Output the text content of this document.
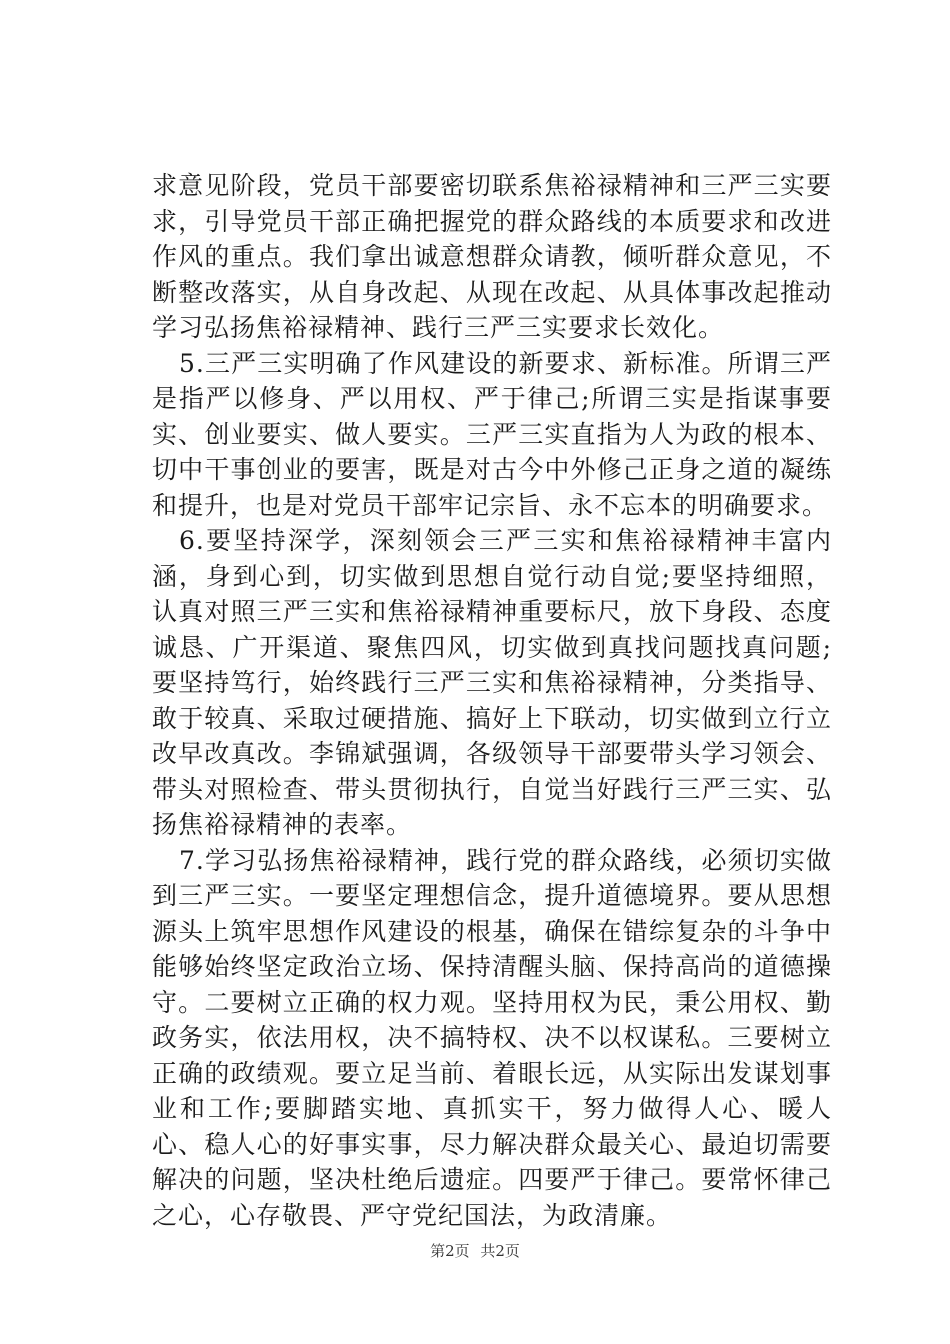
求意见阶段，党员干部要密切联系焦裕禄精神和三严三实要求，引导党员干部正确把握党的群众路线的本质要求和改进作风的重点。我们拿出诚意想群众请教，倾听群众意见，不断整改落实，从自身改起、从现在改起、从具体事改起推动学习弘扬焦裕禄精神、践行三严三实要求长效化。

5.三严三实明确了作风建设的新要求、新标准。所谓三严是指严以修身、严以用权、严于律己;所谓三实是指谋事要实、创业要实、做人要实。三严三实直指为人为政的根本、切中干事创业的要害，既是对古今中外修己正身之道的凝练和提升，也是对党员干部牢记宗旨、永不忘本的明确要求。

6.要坚持深学，深刻领会三严三实和焦裕禄精神丰富内涵，身到心到，切实做到思想自觉行动自觉;要坚持细照，认真对照三严三实和焦裕禄精神重要标尺，放下身段、态度诚恳、广开渠道、聚焦四风，切实做到真找问题找真问题;要坚持笃行，始终践行三严三实和焦裕禄精神，分类指导、敢于较真、采取过硬措施、搞好上下联动，切实做到立行立改早改真改。李锦斌强调，各级领导干部要带头学习领会、带头对照检查、带头贯彻执行，自觉当好践行三严三实、弘扬焦裕禄精神的表率。

7.学习弘扬焦裕禄精神，践行党的群众路线，必须切实做到三严三实。一要坚定理想信念，提升道德境界。要从思想源头上筑牢思想作风建设的根基，确保在错综复杂的斗争中能够始终坚定政治立场、保持清醒头脑、保持高尚的道德操守。二要树立正确的权力观。坚持用权为民，秉公用权、勤政务实，依法用权，决不搞特权、决不以权谋私。三要树立正确的政绩观。要立足当前、着眼长远，从实际出发谋划事业和工作;要脚踏实地、真抓实干，努力做得人心、暖人心、稳人心的好事实事，尽力解决群众最关心、最迫切需要解决的问题，坚决杜绝后遗症。四要严于律己。要常怀律己之心，心存敬畏、严守党纪国法，为政清廉。

第2页 共2页
